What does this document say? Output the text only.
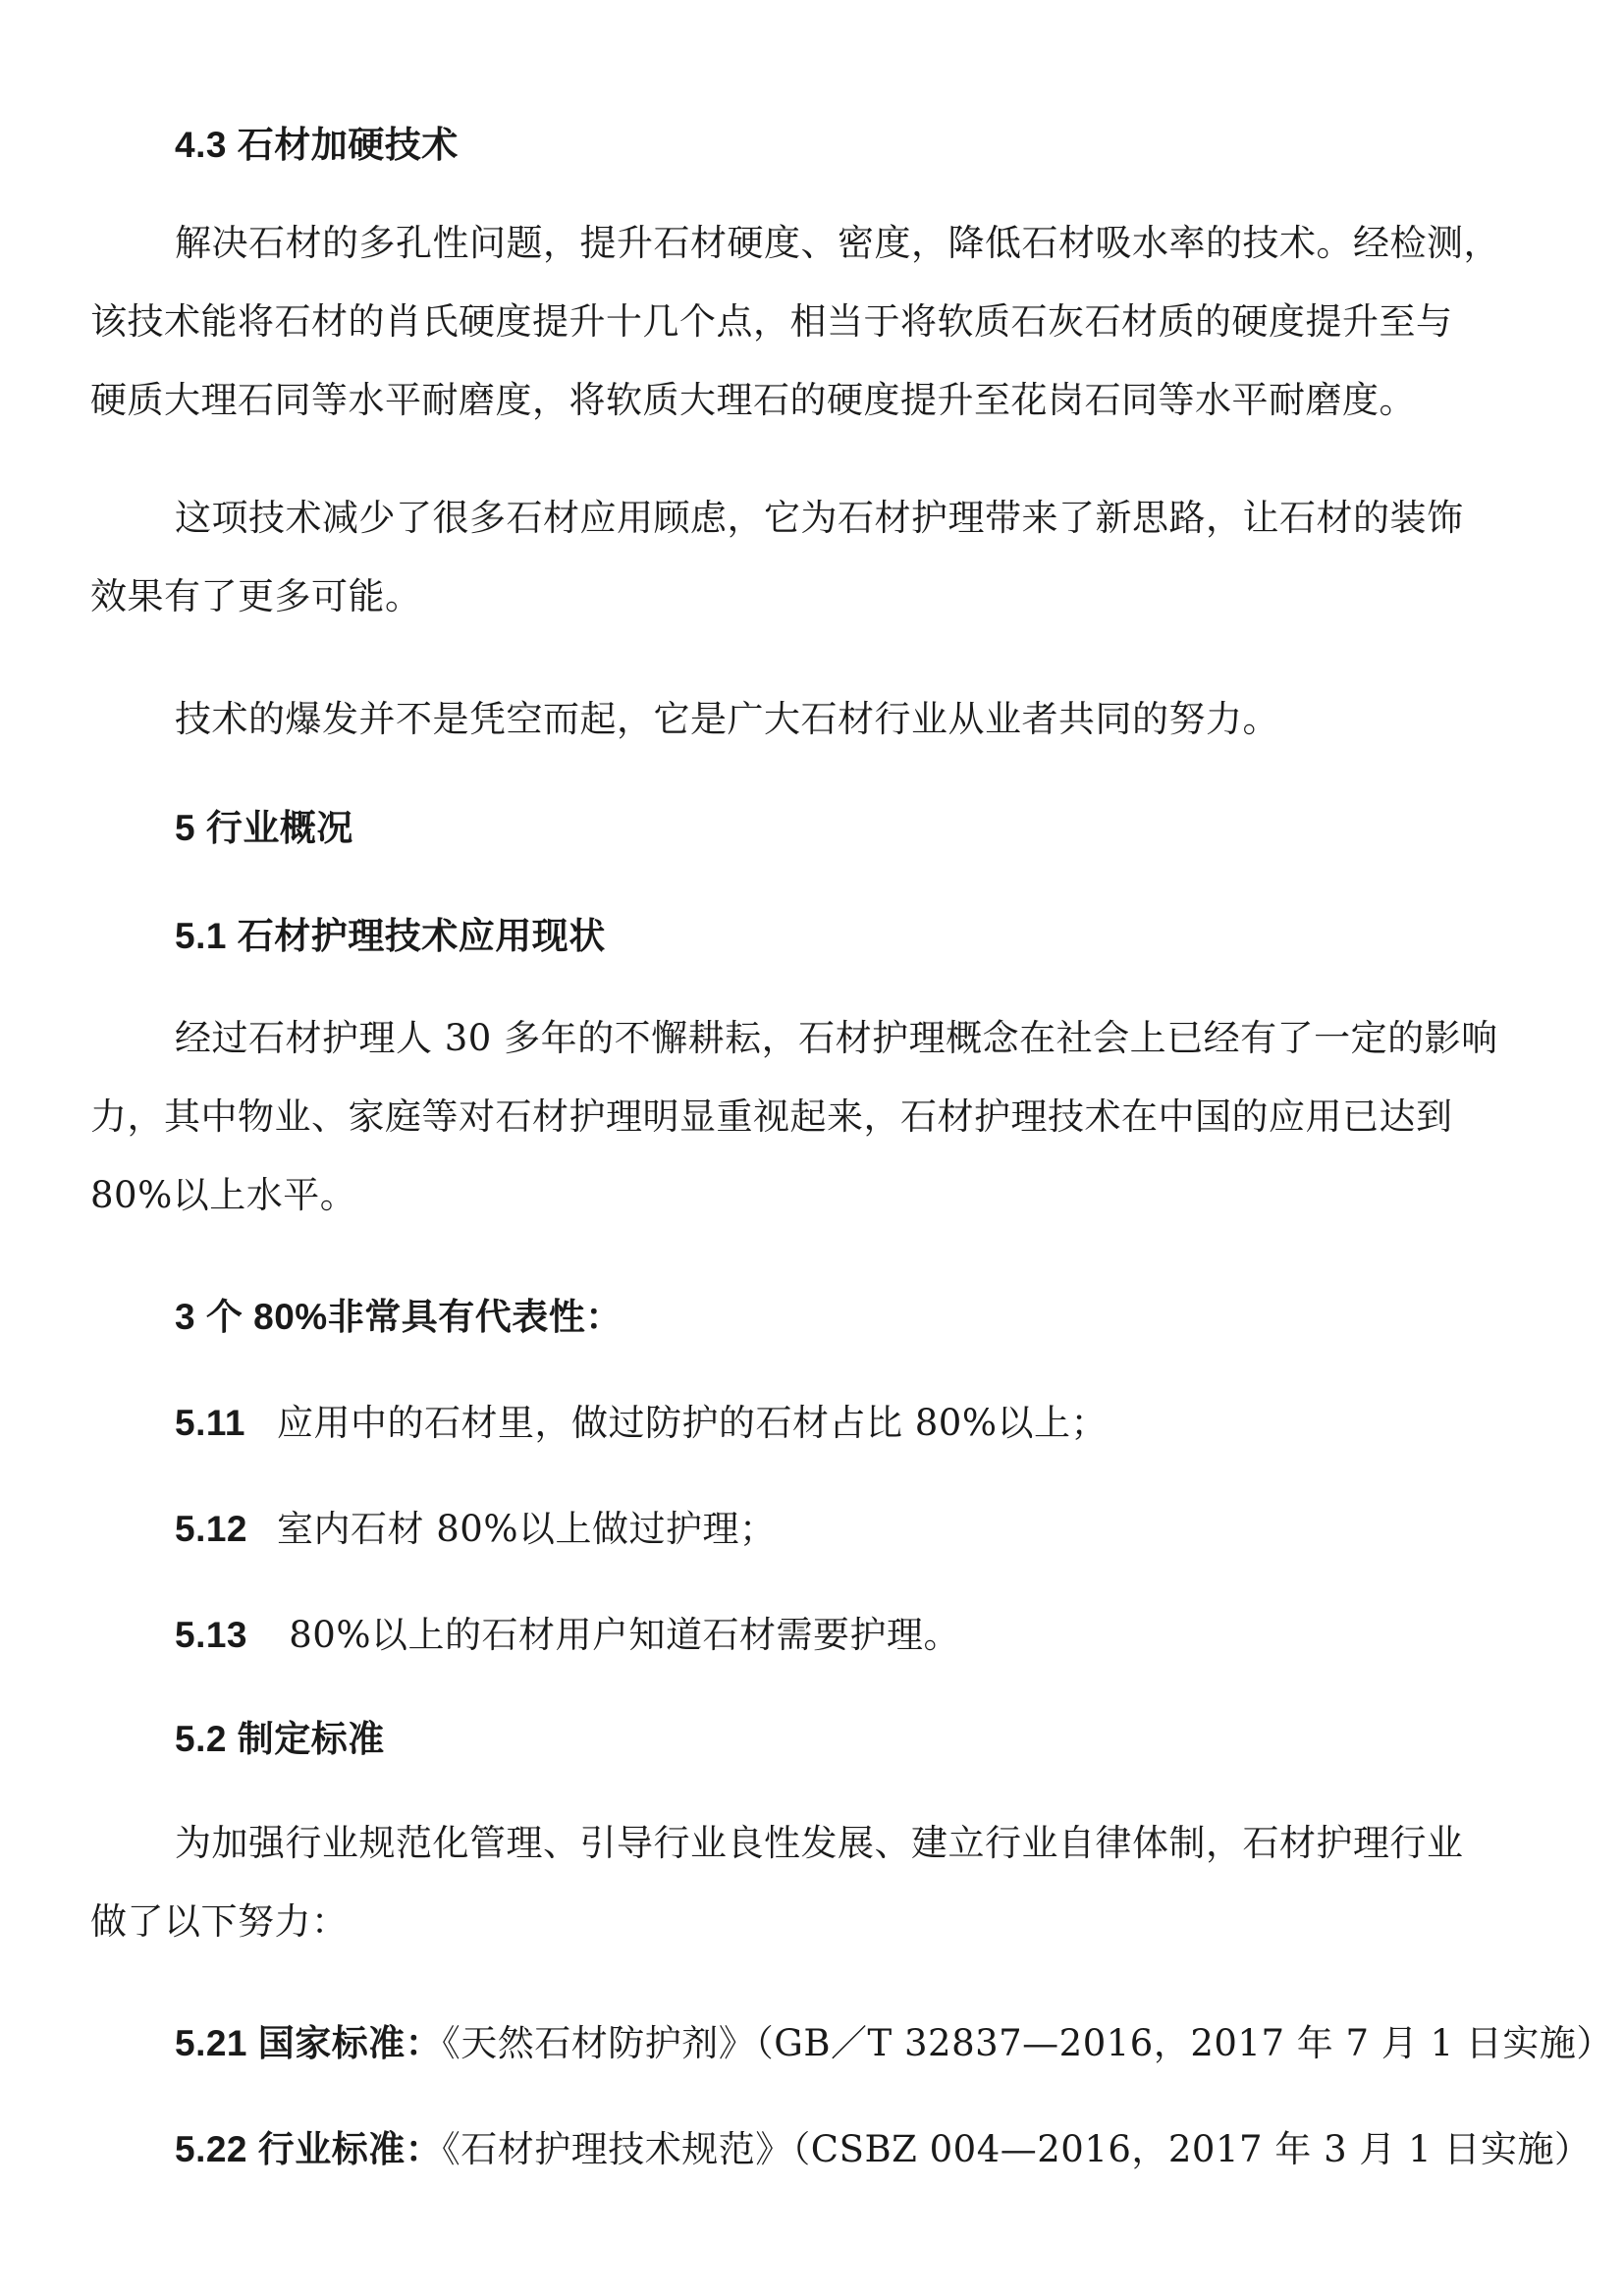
4.3 石材加硬技术

解决石材的多孔性问题，提升石材硬度、密度，降低石材吸水率的技术。经检测，
该技术能将石材的肖氏硬度提升十几个点，相当于将软质石灰石材质的硬度提升至与
硬质大理石同等水平耐磨度，将软质大理石的硬度提升至花岗石同等水平耐磨度。
这项技术减少了很多石材应用顾虑，它为石材护理带来了新思路，让石材的装饰
效果有了更多可能。

技术的爆发并不是凭空而起，它是广大石材行业从业者共同的努力。

5 行业概况

5.1 石材护理技术应用现状

经过石材护理人 30 多年的不懈耕耘，石材护理概念在社会上已经有了一定的影响
力，其中物业、家庭等对石材护理明显重视起来，石材护理技术在中国的应用已达到
80%以上水平。

3 个 80%非常具有代表性：

5.11 应用中的石材里，做过防护的石材占比 80%以上；
5.12 室内石材 80%以上做过护理；
5.13 80%以上的石材用户知道石材需要护理。

5.2 制定标准

为加强行业规范化管理、引导行业良性发展、建立行业自律体制，石材护理行业
做了以下努力：
5.21 国家标准：《天然石材防护剂》（GB／T 32837—2016，2017 年 7 月 1 日实施）
5.22 行业标准：《石材护理技术规范》（CSBZ 004—2016，2017 年 3 月 1 日实施）
